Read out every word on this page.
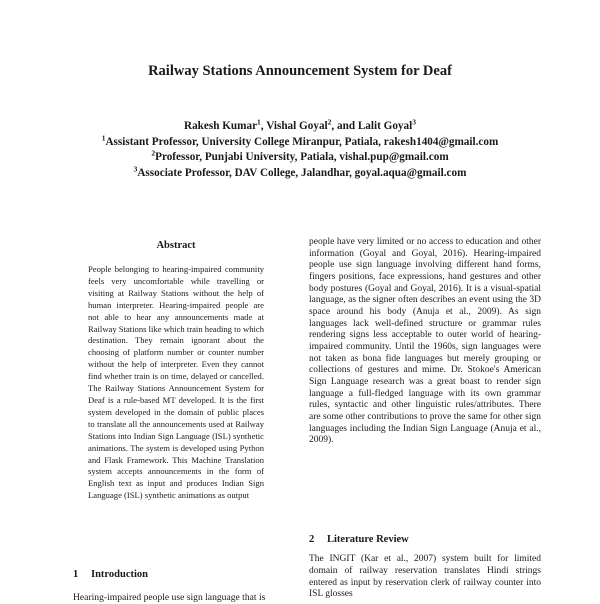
Railway Stations Announcement System for Deaf
Rakesh Kumar$^1$, Vishal Goyal$^2$, and Lalit Goyal$^3$
$^1$Assistant Professor, University College Miranpur, Patiala, rakesh1404@gmail.com
$^2$Professor, Punjabi University, Patiala, vishal.pup@gmail.com
$^3$Associate Professor, DAV College, Jalandhar, goyal.aqua@gmail.com
Abstract

People belonging to hearing-impaired community feels very uncomfortable while travelling or visiting at Railway Stations without the help of human interpreter. Hearing-impaired people are not able to hear any announcements made at Railway Stations like which train heading to which destination. They remain ignorant about the choosing of platform number or counter number without the help of interpreter. Even they cannot find whether train is on time, delayed or cancelled. The Railway Stations Announcement System for Deaf is a rule-based MT developed. It is the first system developed in the domain of public places to translate all the announcements used at Railway Stations into Indian Sign Language (ISL) synthetic animations. The system is developed using Python and Flask Framework. This Machine Translation system accepts announcements in the form of English text as input and produces Indian Sign Language (ISL) synthetic animations as output

1 Introduction
Hearing-impaired people use sign language that is

people have very limited or no access to education and other information (Goyal and Goyal, 2016). Hearing-impaired people use sign language involving different hand forms, fingers positions, face expressions, hand gestures and other body postures (Goyal and Goyal, 2016). It is a visual-spatial language, as the signer often describes an event using the 3D space around his body (Anuja et al., 2009). As sign languages lack well-defined structure or grammar rules rendering signs less acceptable to outer world of hearing-impaired community. Until the 1960s, sign languages were not taken as bona fide languages but merely grouping or collections of gestures and mime. Dr. Stokoe's American Sign Language research was a great boast to render sign language a full-fledged language with its own grammar rules, syntactic and other linguistic rules/attributes. There are some other contributions to prove the same for other sign languages including the Indian Sign Language (Anuja et al., 2009).

2 Literature Review

The INGIT (Kar et al., 2007) system built for limited domain of railway reservation translates Hindi strings entered as input by reservation clerk of railway counter into ISL glosses
